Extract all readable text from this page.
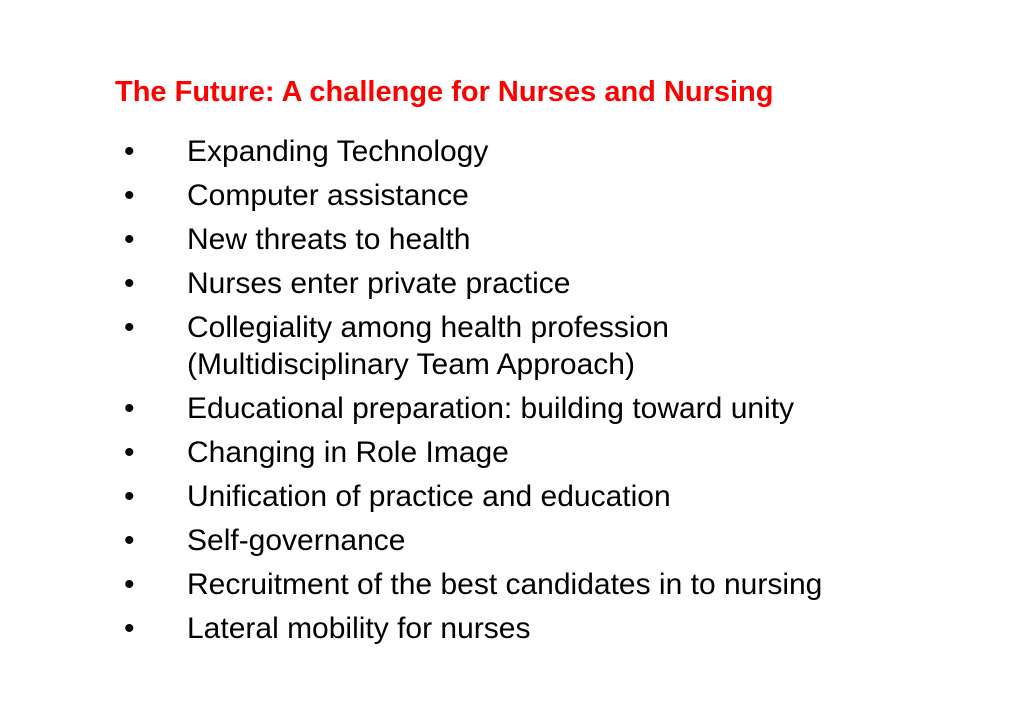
The Future: A challenge for Nurses and Nursing
•	Expanding Technology
•	Computer assistance
•	New threats to health
•	Nurses enter private practice
•	Collegiality among health profession
(Multidisciplinary Team Approach)
•	Educational preparation: building toward unity
•	Changing in Role Image
•	Unification of practice and education
•	Self-governance
•	Recruitment of the best candidates in to nursing
•	Lateral mobility for nurses
